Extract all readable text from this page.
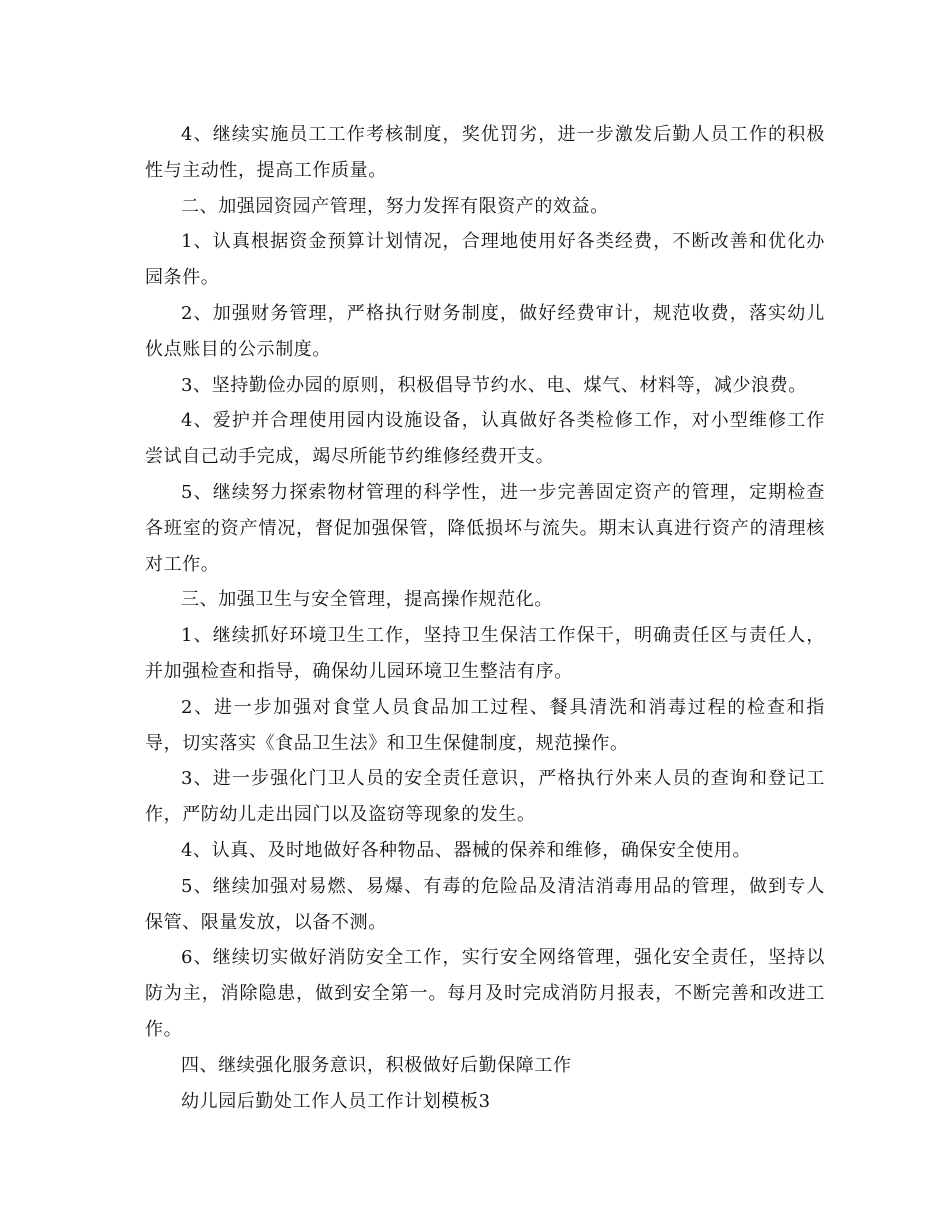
4、继续实施员工工作考核制度，奖优罚劣，进一步激发后勤人员工作的积极性与主动性，提高工作质量。

二、加强园资园产管理，努力发挥有限资产的效益。

1、认真根据资金预算计划情况，合理地使用好各类经费，不断改善和优化办园条件。

2、加强财务管理，严格执行财务制度，做好经费审计，规范收费，落实幼儿伙点账目的公示制度。

3、坚持勤俭办园的原则，积极倡导节约水、电、煤气、材料等，减少浪费。

4、爱护并合理使用园内设施设备，认真做好各类检修工作，对小型维修工作尝试自己动手完成，竭尽所能节约维修经费开支。

5、继续努力探索物材管理的科学性，进一步完善固定资产的管理，定期检查各班室的资产情况，督促加强保管，降低损坏与流失。期末认真进行资产的清理核对工作。

三、加强卫生与安全管理，提高操作规范化。

1、继续抓好环境卫生工作，坚持卫生保洁工作保干，明确责任区与责任人，并加强检查和指导，确保幼儿园环境卫生整洁有序。

2、进一步加强对食堂人员食品加工过程、餐具清洗和消毒过程的检查和指导，切实落实《食品卫生法》和卫生保健制度，规范操作。

3、进一步强化门卫人员的安全责任意识，严格执行外来人员的查询和登记工作，严防幼儿走出园门以及盗窃等现象的发生。

4、认真、及时地做好各种物品、器械的保养和维修，确保安全使用。

5、继续加强对易燃、易爆、有毒的危险品及清洁消毒用品的管理，做到专人保管、限量发放，以备不测。

6、继续切实做好消防安全工作，实行安全网络管理，强化安全责任，坚持以防为主，消除隐患，做到安全第一。每月及时完成消防月报表，不断完善和改进工作。

四、继续强化服务意识，积极做好后勤保障工作

幼儿园后勤处工作人员工作计划模板3
